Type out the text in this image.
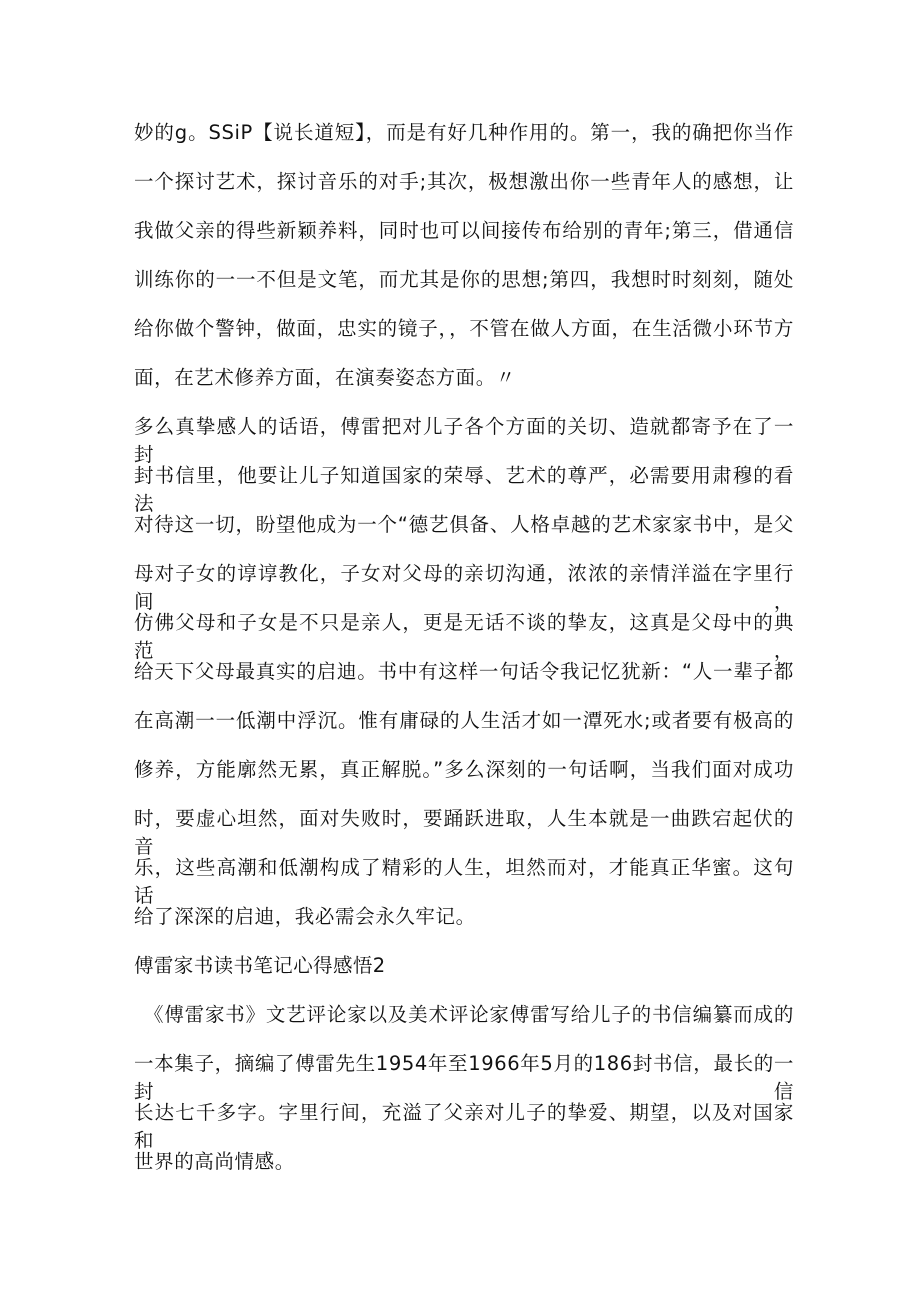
妙的g。SSiP【说长道短】，而是有好几种作用的。第一，我的确把你当作
一个探讨艺术，探讨音乐的对手;其次，极想激出你一些青年人的感想，让
我做父亲的得些新颖养料，同时也可以间接传布给别的青年;第三，借通信
训练你的一一不但是文笔，而尤其是你的思想;第四，我想时时刻刻，随处
给你做个警钟，做面，忠实的镜子，，不管在做人方面，在生活微小环节方
面，在艺术修养方面，在演奏姿态方面。〃
多么真挚感人的话语，傅雷把对儿子各个方面的关切、造就都寄予在了一封
封书信里，他要让儿子知道国家的荣辱、艺术的尊严，必需要用肃穆的看法
对待这一切，盼望他成为一个“德艺俱备、人格卓越的艺术家家书中，是父
母对子女的谆谆教化，子女对父母的亲切沟通，浓浓的亲情洋溢在字里行间，
仿佛父母和子女是不只是亲人，更是无话不谈的挚友，这真是父母中的典范，
给天下父母最真实的启迪。书中有这样一句话令我记忆犹新：“人一辈子都
在高潮一一低潮中浮沉。惟有庸碌的人生活才如一潭死水;或者要有极高的
修养，方能廓然无累，真正解脱。”多么深刻的一句话啊，当我们面对成功
时，要虚心坦然，面对失败时，要踊跃进取，人生本就是一曲跌宕起伏的音
乐，这些高潮和低潮构成了精彩的人生，坦然而对，才能真正华蜜。这句话
给了深深的启迪，我必需会永久牢记。
傅雷家书读书笔记心得感悟2
《傅雷家书》文艺评论家以及美术评论家傅雷写给儿子的书信编纂而成的
一本集子，摘编了傅雷先生1954年至1966年5月的186封书信，最长的一封信
长达七千多字。字里行间，充溢了父亲对儿子的挚爱、期望，以及对国家和
世界的高尚情感。
